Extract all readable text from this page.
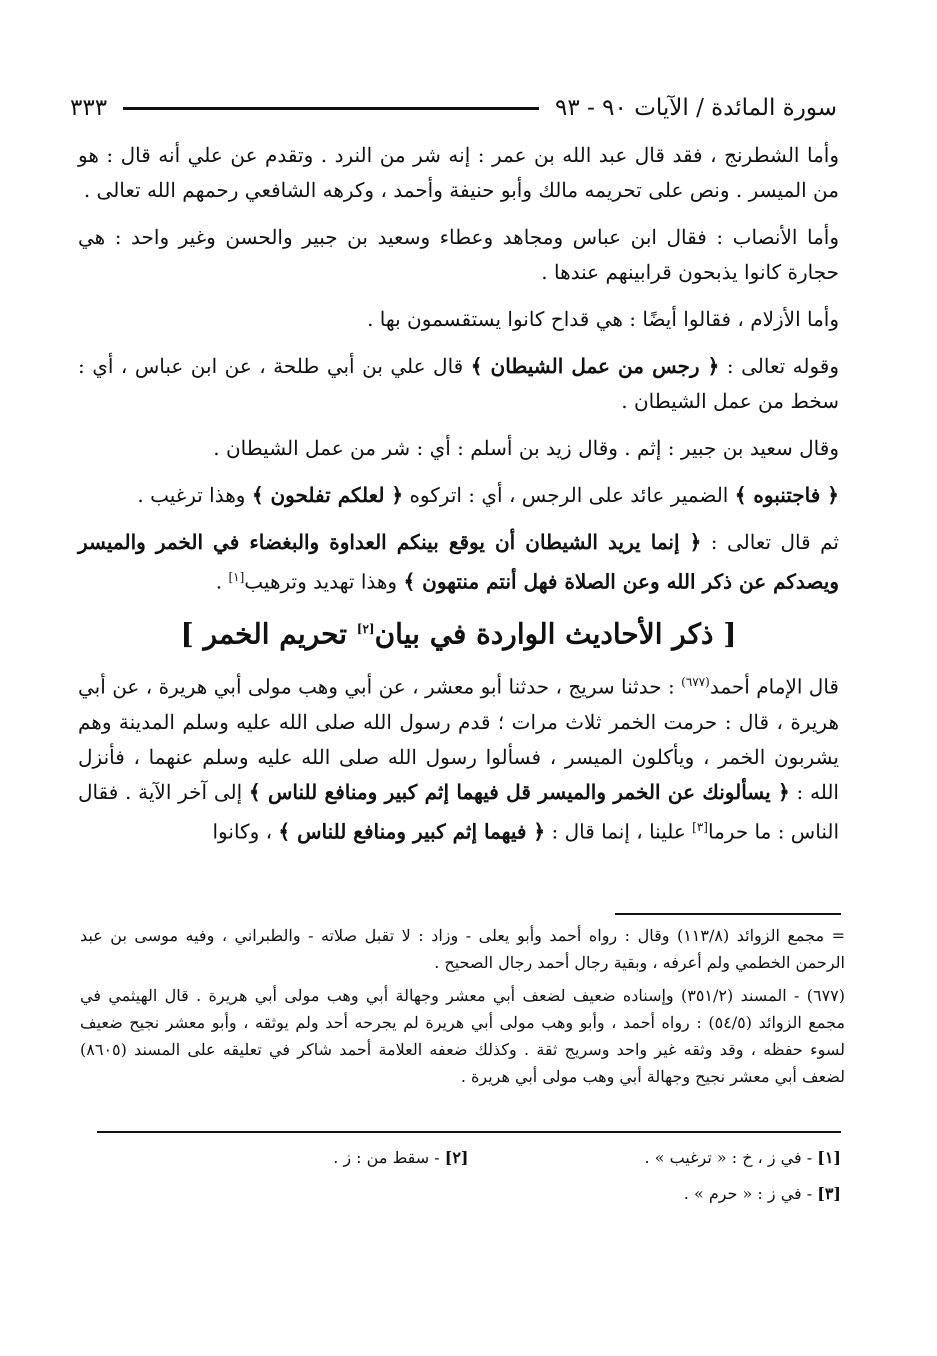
سورة المائدة / الآيات ٩٠ - ٩٣
٣٣٣

وأما الشطرنج ، فقد قال عبد الله بن عمر : إنه شر من النرد . وتقدم عن علي أنه قال : هو من الميسر . ونص على تحريمه مالك وأبو حنيفة وأحمد ، وكرهه الشافعي رحمهم الله تعالى .

وأما الأنصاب : فقال ابن عباس ومجاهد وعطاء وسعيد بن جبير والحسن وغير واحد : هي حجارة كانوا يذبحون قرابينهم عندها .

وأما الأزلام ، فقالوا أيضًا : هي قداح كانوا يستقسمون بها .

وقوله تعالى : ﴿ رجس من عمل الشيطان ﴾ قال علي بن أبي طلحة ، عن ابن عباس ، أي : سخط من عمل الشيطان .

وقال سعيد بن جبير : إثم . وقال زيد بن أسلم : أي : شر من عمل الشيطان .

﴿ فاجتنبوه ﴾ الضمير عائد على الرجس ، أي : اتركوه ﴿ لعلكم تفلحون ﴾ وهذا ترغيب .

ثم قال تعالى : ﴿ إنما يريد الشيطان أن يوقع بينكم العداوة والبغضاء في الخمر والميسر ويصدكم عن ذكر الله وعن الصلاة فهل أنتم منتهون ﴾ وهذا تهديد وترهيب[١] .

[ ذكر الأحاديث الواردة في بيان[٢] تحريم الخمر ]

قال الإمام أحمد$^{(٦٧٧)}$ : حدثنا سريج ، حدثنا أبو معشر ، عن أبي وهب مولى أبي هريرة ، عن أبي هريرة ، قال : حرمت الخمر ثلاث مرات ؛ قدم رسول الله صلى الله عليه وسلم المدينة وهم يشربون الخمر ، ويأكلون الميسر ، فسألوا رسول الله صلى الله عليه وسلم عنهما ، فأنزل الله : ﴿ يسألونك عن الخمر والميسر قل فيهما إثم كبير ومنافع للناس ﴾ إلى آخر الآية . فقال الناس : ما حرما[٣] علينا ، إنما قال : ﴿ فيهما إثم كبير ومنافع للناس ﴾ ، وكانوا

= مجمع الزوائد (١١٣/٨) وقال : رواه أحمد وأبو يعلى - وزاد : لا تقبل صلاته - والطبراني ، وفيه موسى بن عبد الرحمن الخطمي ولم أعرفه ، وبقية رجال أحمد رجال الصحيح .

(٦٧٧) - المسند (٣٥١/٢) وإسناده ضعيف لضعف أبي معشر وجهالة أبي وهب مولى أبي هريرة . قال الهيثمي في مجمع الزوائد (٥٤/٥) : رواه أحمد ، وأبو وهب مولى أبي هريرة لم يجرحه أحد ولم يوثقه ، وأبو معشر نجيح ضعيف لسوء حفظه ، وقد وثقه غير واحد وسريج ثقة . وكذلك ضعفه العلامة أحمد شاكر في تعليقه على المسند (٨٦٠٥) لضعف أبي معشر نجيح وجهالة أبي وهب مولى أبي هريرة .

[١] - في ز ، خ : « ترغيب » .
[٢] - سقط من : ز .
[٣] - في ز : « حرم » .
